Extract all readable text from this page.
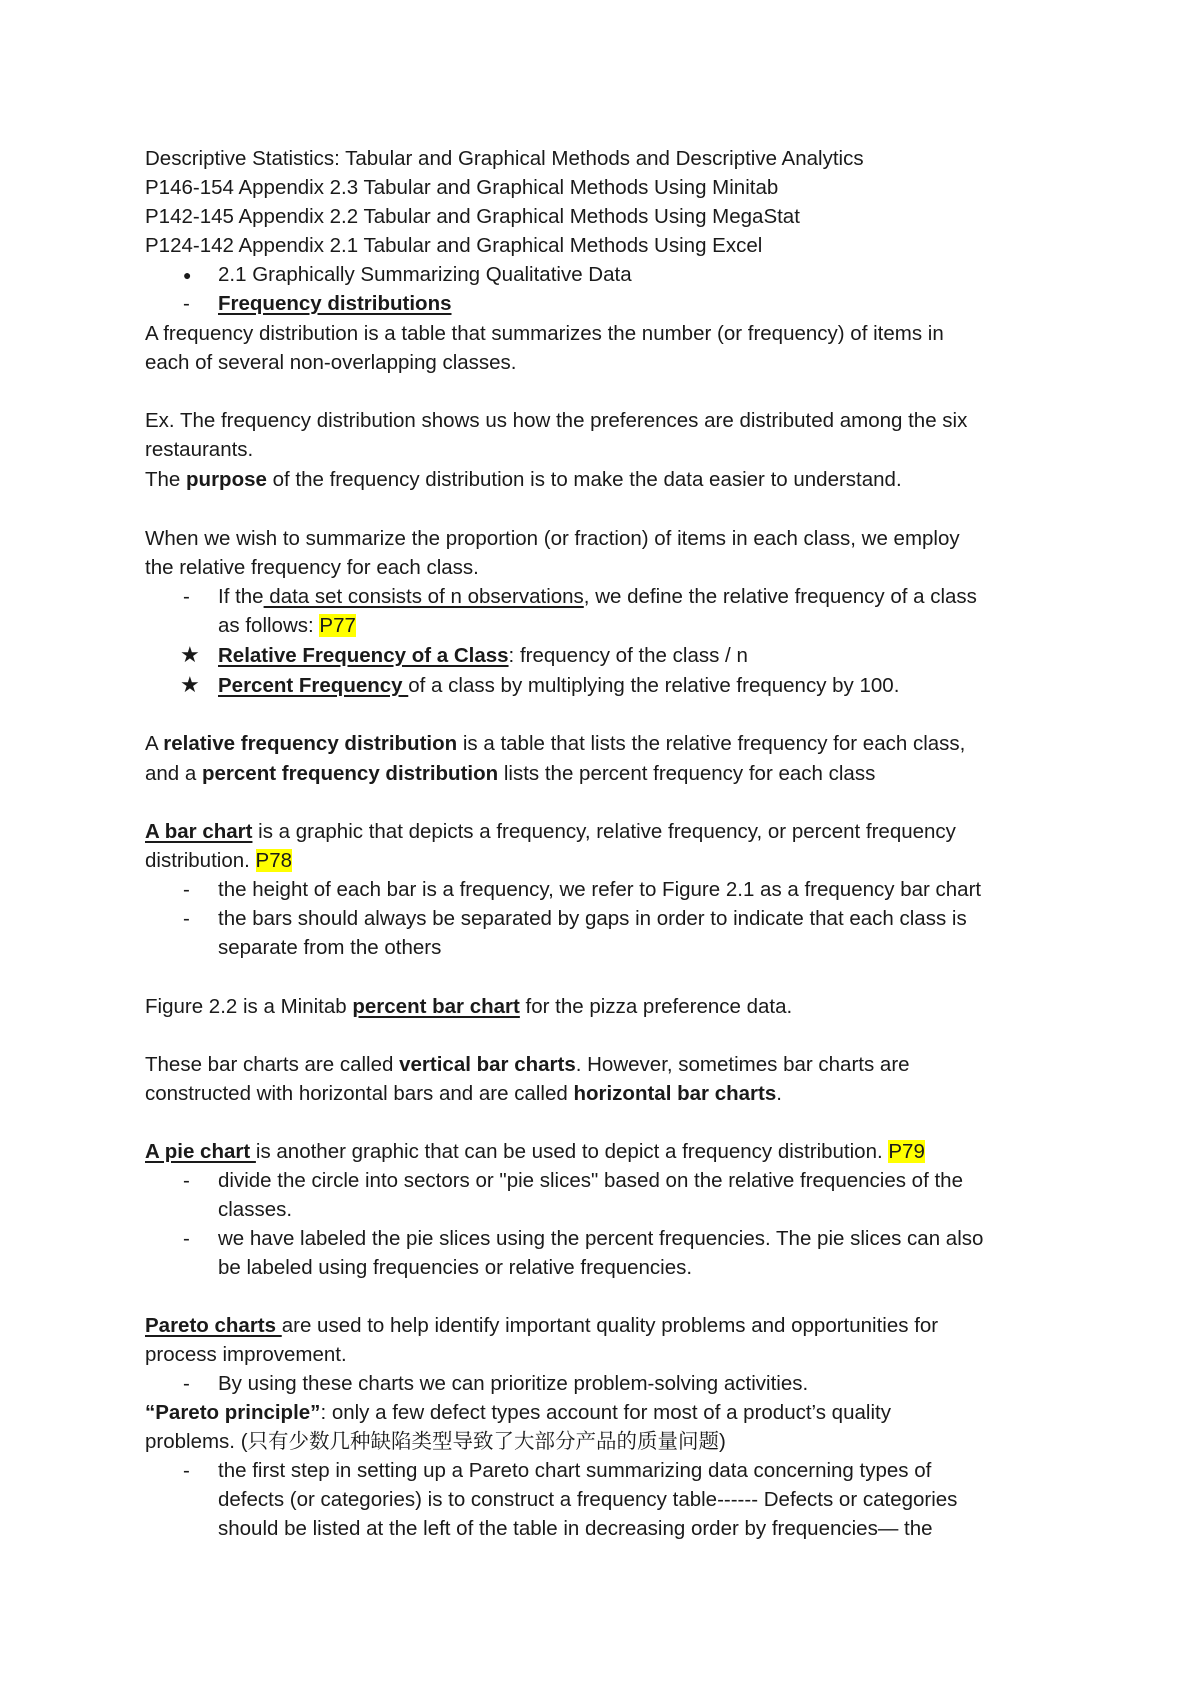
Descriptive Statistics: Tabular and Graphical Methods and Descriptive Analytics
P146-154 Appendix 2.3 Tabular and Graphical Methods Using Minitab
P142-145 Appendix 2.2 Tabular and Graphical Methods Using MegaStat
P124-142 Appendix 2.1 Tabular and Graphical Methods Using Excel
● 2.1 Graphically Summarizing Qualitative Data
- Frequency distributions
A frequency distribution is a table that summarizes the number (or frequency) of items in
each of several non-overlapping classes.
Ex. The frequency distribution shows us how the preferences are distributed among the six
restaurants.
The purpose of the frequency distribution is to make the data easier to understand.
When we wish to summarize the proportion (or fraction) of items in each class, we employ
the relative frequency for each class.
- If the data set consists of n observations, we define the relative frequency of a class
as follows: P77
★ Relative Frequency of a Class: frequency of the class / n
★ Percent Frequency of a class by multiplying the relative frequency by 100.
A relative frequency distribution is a table that lists the relative frequency for each class,
and a percent frequency distribution lists the percent frequency for each class
A bar chart is a graphic that depicts a frequency, relative frequency, or percent frequency
distribution. P78
- the height of each bar is a frequency, we refer to Figure 2.1 as a frequency bar chart
- the bars should always be separated by gaps in order to indicate that each class is
separate from the others
Figure 2.2 is a Minitab percent bar chart for the pizza preference data.
These bar charts are called vertical bar charts. However, sometimes bar charts are
constructed with horizontal bars and are called horizontal bar charts.
A pie chart is another graphic that can be used to depict a frequency distribution. P79
- divide the circle into sectors or "pie slices" based on the relative frequencies of the
classes.
- we have labeled the pie slices using the percent frequencies. The pie slices can also
be labeled using frequencies or relative frequencies.
Pareto charts are used to help identify important quality problems and opportunities for
process improvement.
- By using these charts we can prioritize problem-solving activities.
“Pareto principle”: only a few defect types account for most of a product’s quality
problems. (只有少数几种缺陷类型导致了大部分产品的质量问题)
- the first step in setting up a Pareto chart summarizing data concerning types of
defects (or categories) is to construct a frequency table------ Defects or categories
should be listed at the left of the table in decreasing order by frequencies— the
